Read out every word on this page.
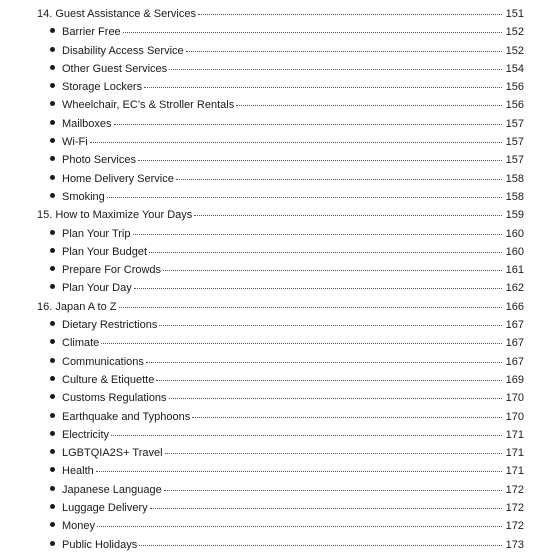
14. Guest Assistance & Services	151
Barrier Free	152
Disability Access Service	152
Other Guest Services	154
Storage Lockers	156
Wheelchair, EC’s & Stroller Rentals	156
Mailboxes	157
Wi-Fi	157
Photo Services	157
Home Delivery Service	158
Smoking	158
15. How to Maximize Your Days	159
Plan Your Trip	160
Plan Your Budget	160
Prepare For Crowds	161
Plan Your Day	162
16. Japan A to Z	166
Dietary Restrictions	167
Climate	167
Communications	167
Culture & Etiquette	169
Customs Regulations	170
Earthquake and Typhoons	170
Electricity	171
LGBTQIA2S+ Travel	171
Health	171
Japanese Language	172
Luggage Delivery	172
Money	172
Public Holidays	173
